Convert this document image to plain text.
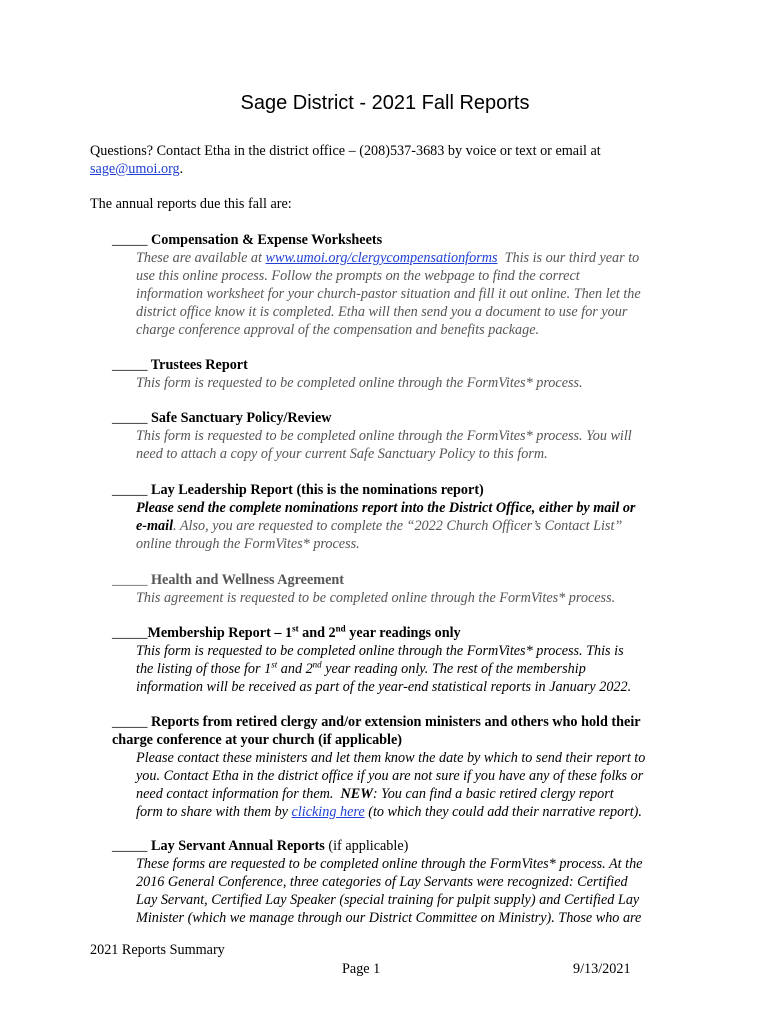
Sage District - 2021 Fall Reports
Questions? Contact Etha in the district office – (208)537-3683 by voice or text or email at
sage@umoi.org.
The annual reports due this fall are:
_____ Compensation & Expense Worksheets
These are available at www.umoi.org/clergycompensationforms This is our third year to
use this online process. Follow the prompts on the webpage to find the correct
information worksheet for your church-pastor situation and fill it out online. Then let the
district office know it is completed. Etha will then send you a document to use for your
charge conference approval of the compensation and benefits package.
_____ Trustees Report
This form is requested to be completed online through the FormVites* process.
_____ Safe Sanctuary Policy/Review
This form is requested to be completed online through the FormVites* process. You will
need to attach a copy of your current Safe Sanctuary Policy to this form.
_____ Lay Leadership Report (this is the nominations report)
Please send the complete nominations report into the District Office, either by mail or
e-mail. Also, you are requested to complete the “2022 Church Officer’s Contact List”
online through the FormVites* process.
_____ Health and Wellness Agreement
This agreement is requested to be completed online through the FormVites* process.
_____Membership Report – 1st and 2nd year readings only
This form is requested to be completed online through the FormVites* process. This is
the listing of those for 1st and 2nd year reading only. The rest of the membership
information will be received as part of the year-end statistical reports in January 2022.
_____ Reports from retired clergy and/or extension ministers and others who hold their
charge conference at your church (if applicable)
Please contact these ministers and let them know the date by which to send their report to
you. Contact Etha in the district office if you are not sure if you have any of these folks or
need contact information for them. NEW: You can find a basic retired clergy report
form to share with them by clicking here (to which they could add their narrative report).
_____ Lay Servant Annual Reports (if applicable)
These forms are requested to be completed online through the FormVites* process. At the
2016 General Conference, three categories of Lay Servants were recognized: Certified
Lay Servant, Certified Lay Speaker (special training for pulpit supply) and Certified Lay
Minister (which we manage through our District Committee on Ministry). Those who are
2021 Reports Summary
Page 1	9/13/2021
